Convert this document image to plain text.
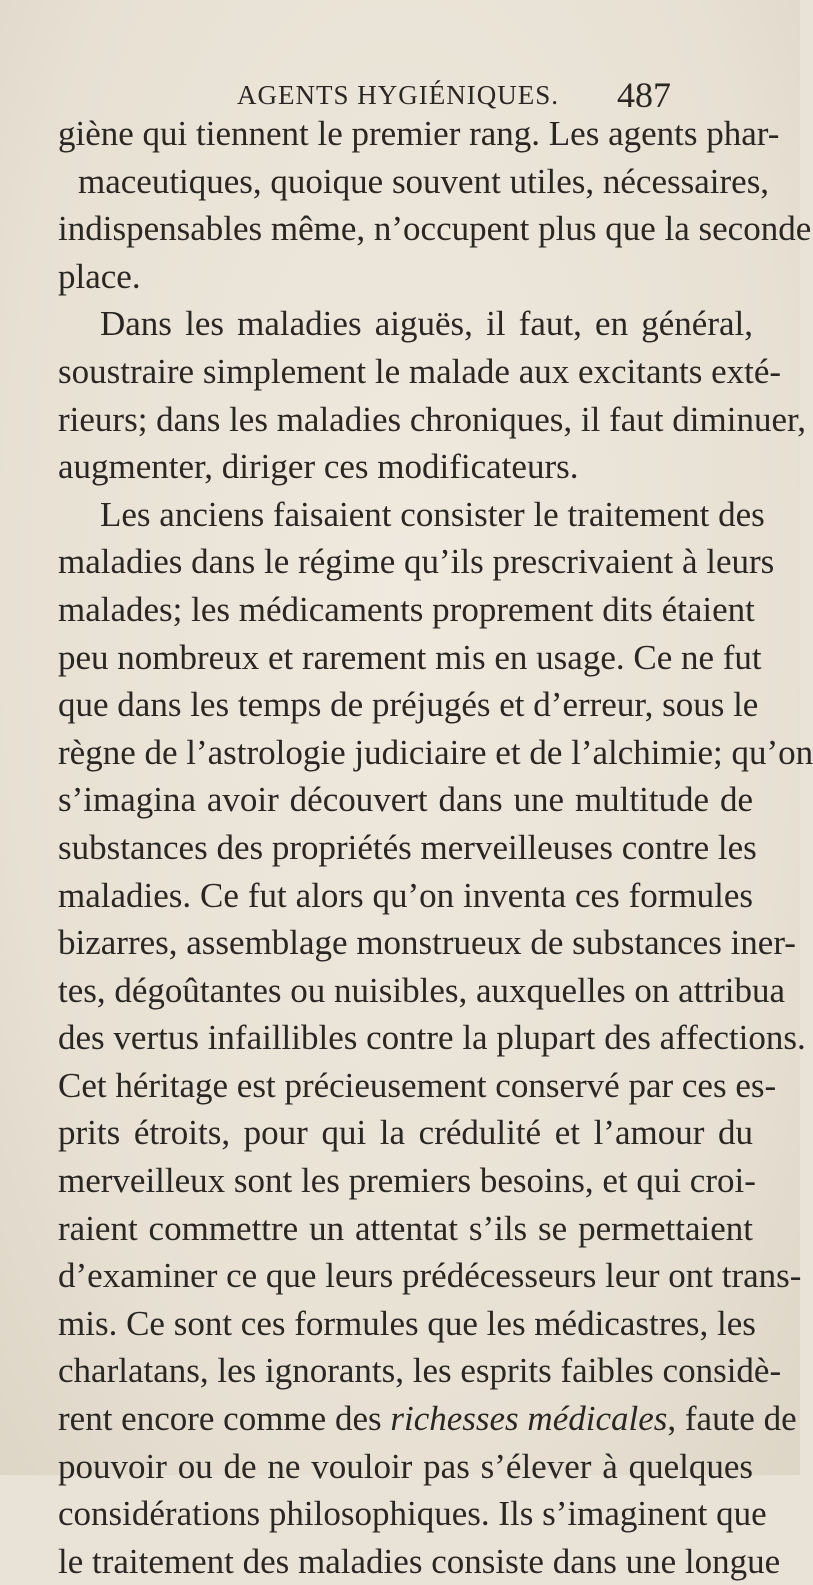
AGENTS HYGIÉNIQUES. 487
giène qui tiennent le premier rang. Les agents phar-
maceutiques, quoique souvent utiles, nécessaires,
indispensables même, n’occupent plus que la seconde
place.
Dans les maladies aiguës, il faut, en général,
soustraire simplement le malade aux excitants exté-
rieurs; dans les maladies chroniques, il faut diminuer,
augmenter, diriger ces modificateurs.
Les anciens faisaient consister le traitement des
maladies dans le régime qu’ils prescrivaient à leurs
malades; les médicaments proprement dits étaient
peu nombreux et rarement mis en usage. Ce ne fut
que dans les temps de préjugés et d’erreur, sous le
règne de l’astrologie judiciaire et de l’alchimie; qu’on
s’imagina avoir découvert dans une multitude de
substances des propriétés merveilleuses contre les
maladies. Ce fut alors qu’on inventa ces formules
bizarres, assemblage monstrueux de substances iner-
tes, dégoûtantes ou nuisibles, auxquelles on attribua
des vertus infaillibles contre la plupart des affections.
Cet héritage est précieusement conservé par ces es-
prits étroits, pour qui la crédulité et l’amour du
merveilleux sont les premiers besoins, et qui croi-
raient commettre un attentat s’ils se permettaient
d’examiner ce que leurs prédécesseurs leur ont trans-
mis. Ce sont ces formules que les médicastres, les
charlatans, les ignorants, les esprits faibles considè-
rent encore comme des richesses médicales, faute de
pouvoir ou de ne vouloir pas s’élever à quelques
considérations philosophiques. Ils s’imaginent que
le traitement des maladies consiste dans une longue
